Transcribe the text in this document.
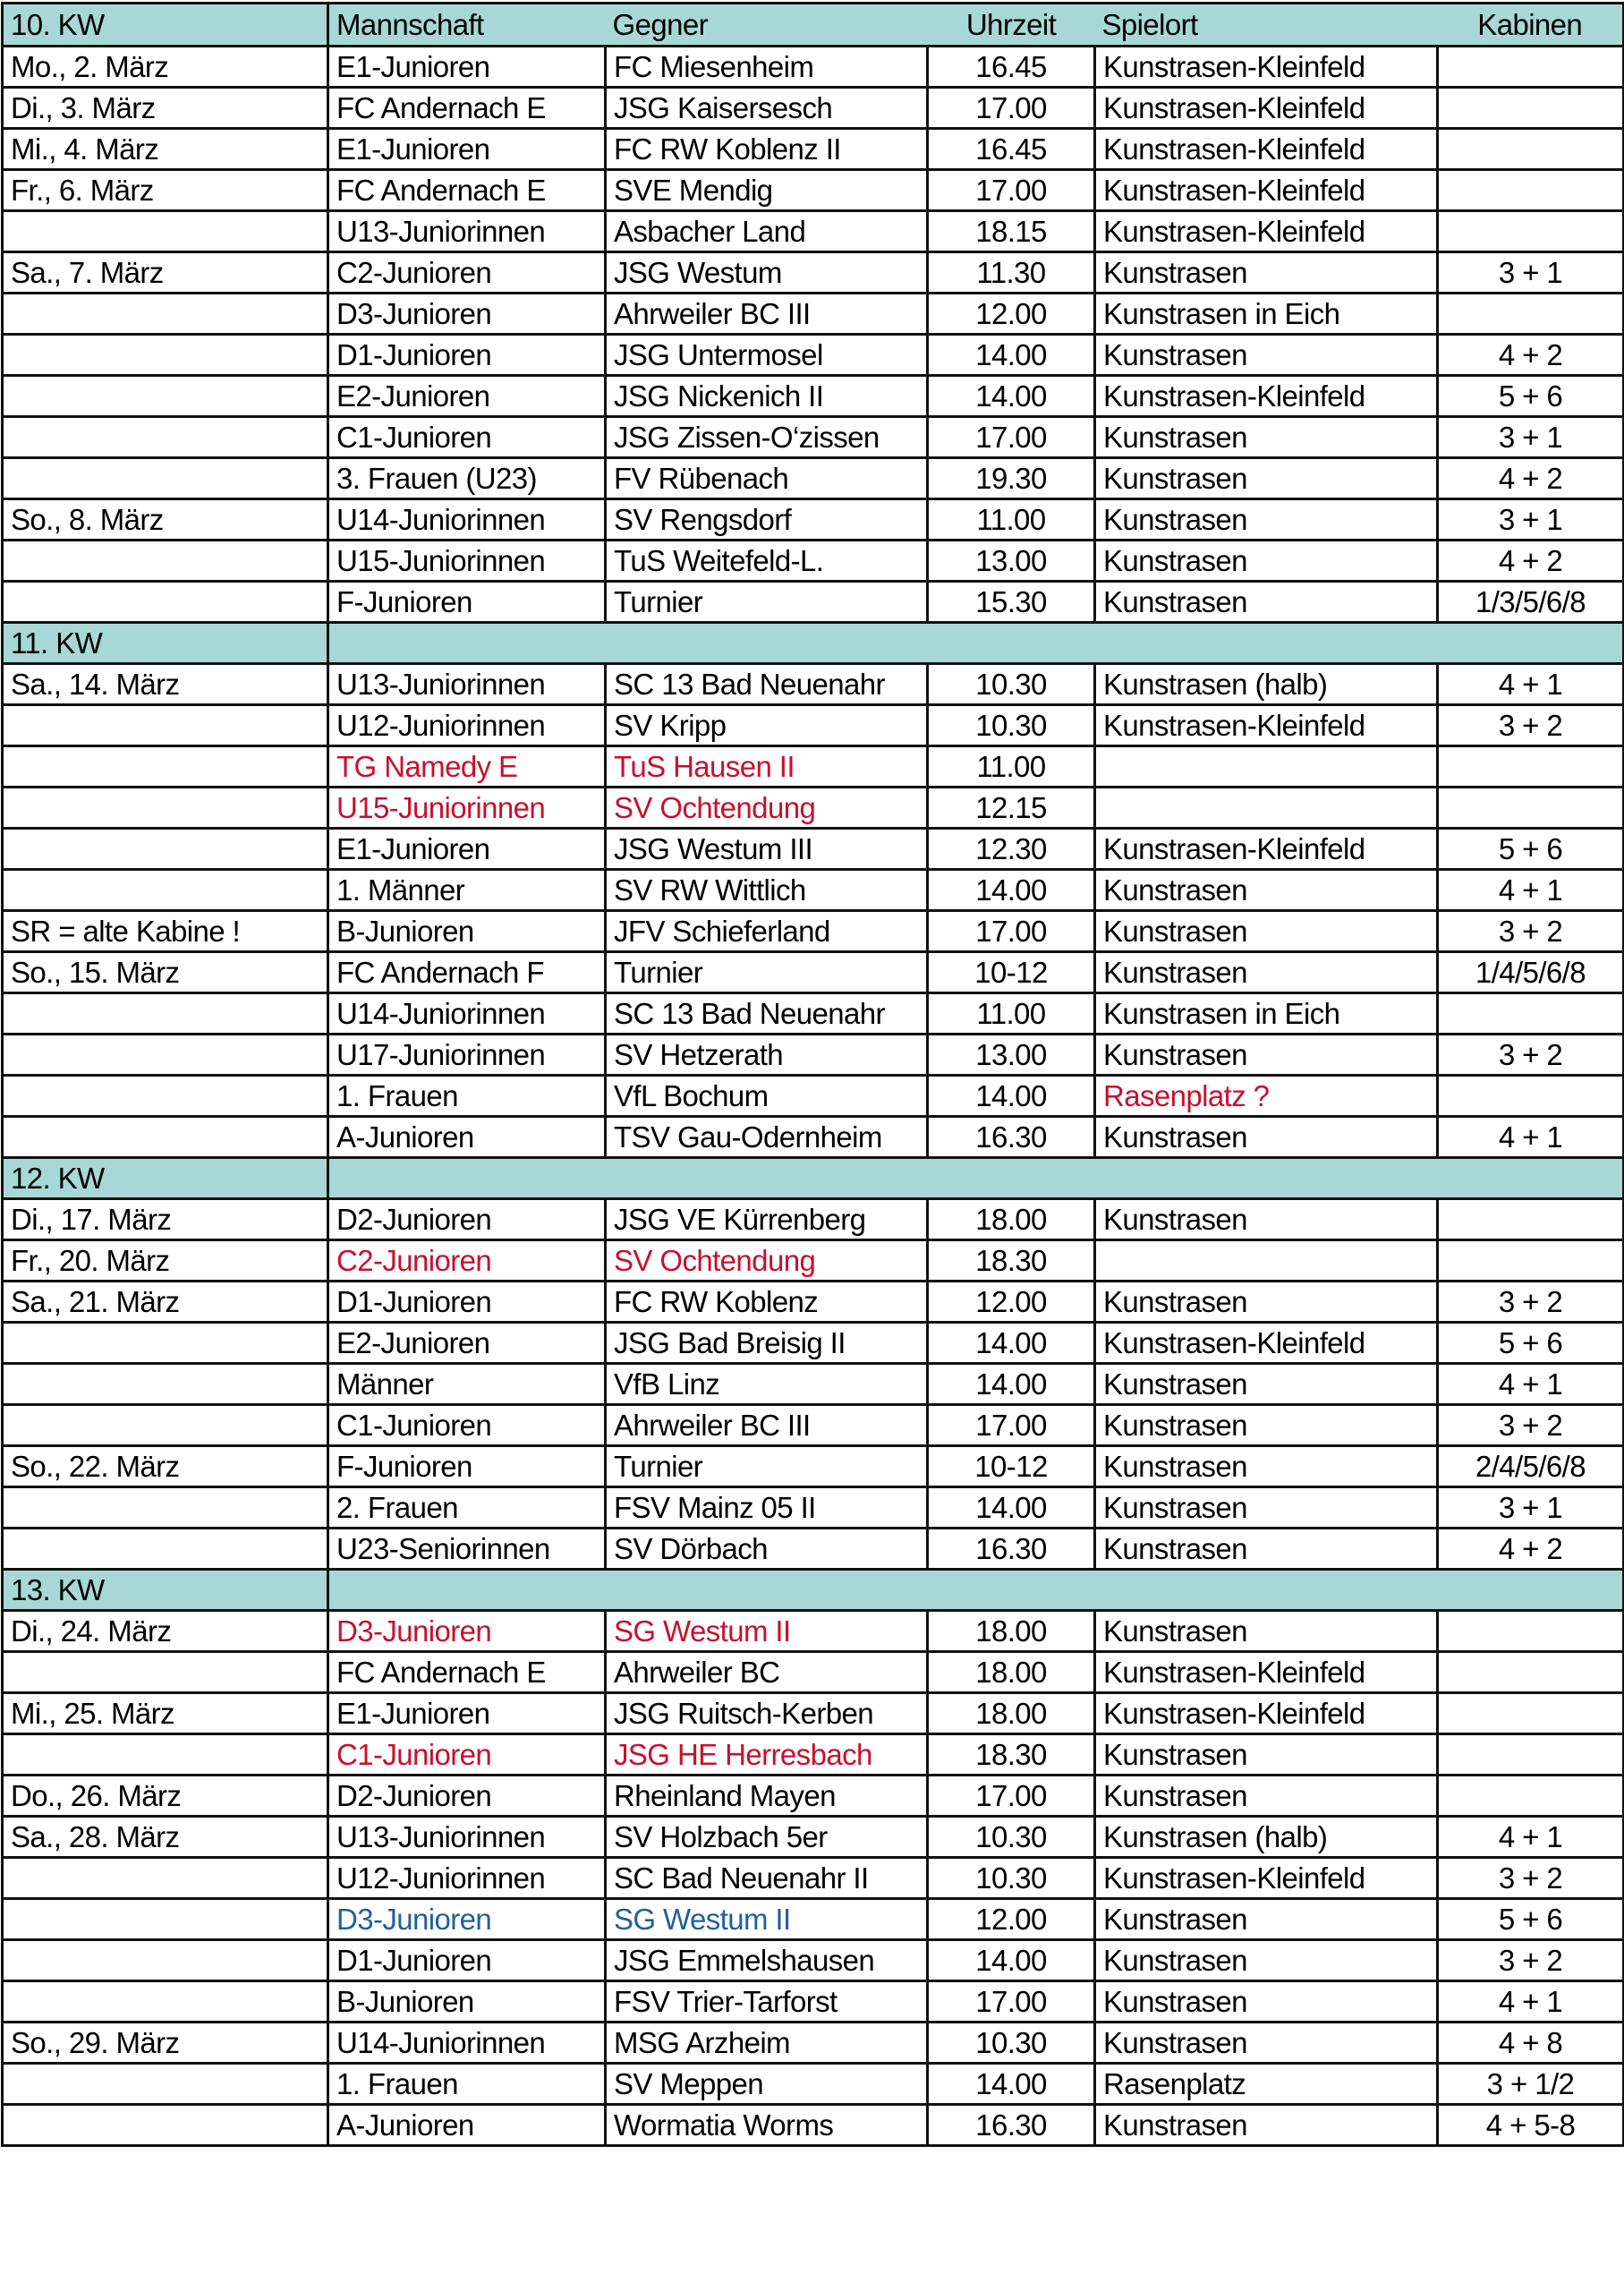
10. KW	Mannschaft	Gegner	Uhrzeit	Spielort	Kabinen
Mo., 2. März	E1-Junioren	FC Miesenheim	16.45	Kunstrasen-Kleinfeld	
Di., 3. März	FC Andernach E	JSG Kaisersesch	17.00	Kunstrasen-Kleinfeld	
Mi., 4. März	E1-Junioren	FC RW Koblenz II	16.45	Kunstrasen-Kleinfeld	
Fr., 6. März	FC Andernach E	SVE Mendig	17.00	Kunstrasen-Kleinfeld	
	U13-Juniorinnen	Asbacher Land	18.15	Kunstrasen-Kleinfeld	
Sa., 7. März	C2-Junioren	JSG Westum	11.30	Kunstrasen	3 + 1
	D3-Junioren	Ahrweiler BC III	12.00	Kunstrasen in Eich	
	D1-Junioren	JSG Untermosel	14.00	Kunstrasen	4 + 2
	E2-Junioren	JSG Nickenich II	14.00	Kunstrasen-Kleinfeld	5 + 6
	C1-Junioren	JSG Zissen-O‘zissen	17.00	Kunstrasen	3 + 1
	3. Frauen (U23)	FV Rübenach	19.30	Kunstrasen	4 + 2
So., 8. März	U14-Juniorinnen	SV Rengsdorf	11.00	Kunstrasen	3 + 1
	U15-Juniorinnen	TuS Weitefeld-L.	13.00	Kunstrasen	4 + 2
	F-Junioren	Turnier	15.30	Kunstrasen	1/3/5/6/8
11. KW					
Sa., 14. März	U13-Juniorinnen	SC 13 Bad Neuenahr	10.30	Kunstrasen (halb)	4 + 1
	U12-Juniorinnen	SV Kripp	10.30	Kunstrasen-Kleinfeld	3 + 2
	TG Namedy E	TuS Hausen II	11.00		
	U15-Juniorinnen	SV Ochtendung	12.15		
	E1-Junioren	JSG Westum III	12.30	Kunstrasen-Kleinfeld	5 + 6
	1. Männer	SV RW Wittlich	14.00	Kunstrasen	4 + 1
SR = alte Kabine !	B-Junioren	JFV Schieferland	17.00	Kunstrasen	3 + 2
So., 15. März	FC Andernach F	Turnier	10-12	Kunstrasen	1/4/5/6/8
	U14-Juniorinnen	SC 13 Bad Neuenahr	11.00	Kunstrasen in Eich	
	U17-Juniorinnen	SV Hetzerath	13.00	Kunstrasen	3 + 2
	1. Frauen	VfL Bochum	14.00	Rasenplatz ?	
	A-Junioren	TSV Gau-Odernheim	16.30	Kunstrasen	4 + 1
12. KW					
Di., 17. März	D2-Junioren	JSG VE Kürrenberg	18.00	Kunstrasen	
Fr., 20. März	C2-Junioren	SV Ochtendung	18.30		
Sa., 21. März	D1-Junioren	FC RW Koblenz	12.00	Kunstrasen	3 + 2
	E2-Junioren	JSG Bad Breisig II	14.00	Kunstrasen-Kleinfeld	5 + 6
	Männer	VfB Linz	14.00	Kunstrasen	4 + 1
	C1-Junioren	Ahrweiler BC III	17.00	Kunstrasen	3 + 2
So., 22. März	F-Junioren	Turnier	10-12	Kunstrasen	2/4/5/6/8
	2. Frauen	FSV Mainz 05 II	14.00	Kunstrasen	3 + 1
	U23-Seniorinnen	SV Dörbach	16.30	Kunstrasen	4 + 2
13. KW					
Di., 24. März	D3-Junioren	SG Westum II	18.00	Kunstrasen	
	FC Andernach E	Ahrweiler BC	18.00	Kunstrasen-Kleinfeld	
Mi., 25. März	E1-Junioren	JSG Ruitsch-Kerben	18.00	Kunstrasen-Kleinfeld	
	C1-Junioren	JSG HE Herresbach	18.30	Kunstrasen	
Do., 26. März	D2-Junioren	Rheinland Mayen	17.00	Kunstrasen	
Sa., 28. März	U13-Juniorinnen	SV Holzbach 5er	10.30	Kunstrasen (halb)	4 + 1
	U12-Juniorinnen	SC Bad Neuenahr II	10.30	Kunstrasen-Kleinfeld	3 + 2
	D3-Junioren	SG Westum II	12.00	Kunstrasen	5 + 6
	D1-Junioren	JSG Emmelshausen	14.00	Kunstrasen	3 + 2
	B-Junioren	FSV Trier-Tarforst	17.00	Kunstrasen	4 + 1
So., 29. März	U14-Juniorinnen	MSG Arzheim	10.30	Kunstrasen	4 + 8
	1. Frauen	SV Meppen	14.00	Rasenplatz	3 + 1/2
	A-Junioren	Wormatia Worms	16.30	Kunstrasen	4 + 5-8
